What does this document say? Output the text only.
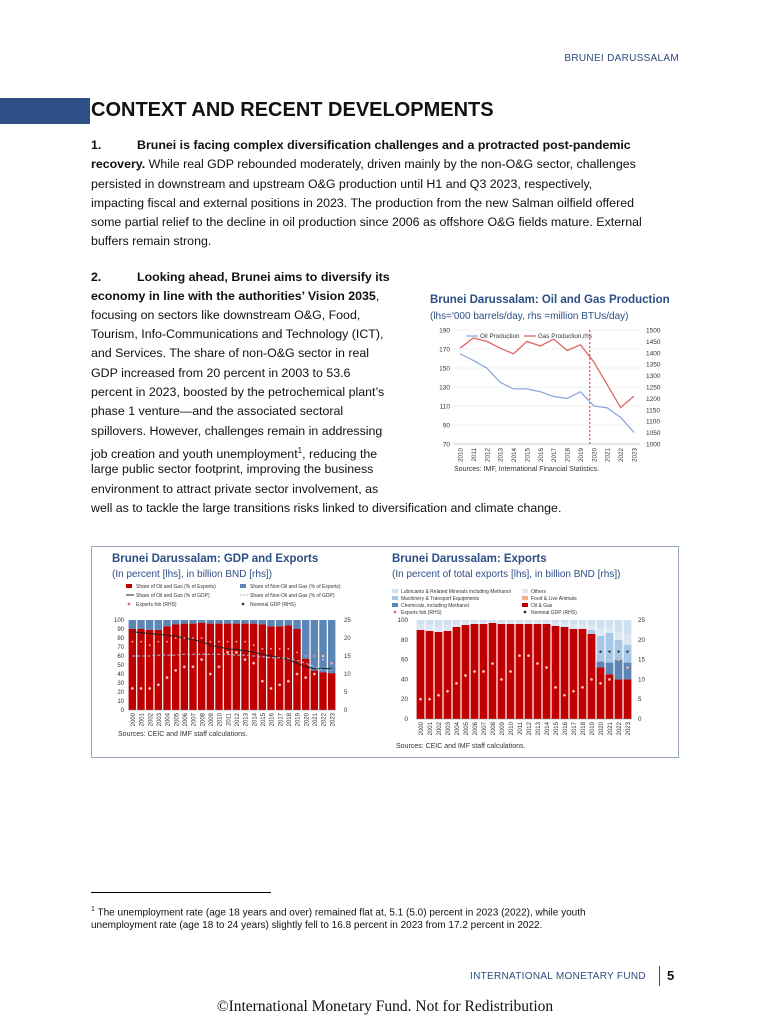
BRUNEI DARUSSALAM
CONTEXT AND RECENT DEVELOPMENTS
1.	Brunei is facing complex diversification challenges and a protracted post-pandemic
recovery. While real GDP rebounded moderately, driven mainly by the non-O&G sector, challenges
persisted in downstream and upstream O&G production until H1 and Q3 2023, respectively,
impacting fiscal and external positions in 2023. The production from the new Salman oilfield offered
some partial relief to the decline in oil production since 2006 as offshore O&G fields mature. External
buffers remain strong.
2.	Looking ahead, Brunei aims to diversify its
economy in line with the authorities’ Vision 2035,
focusing on sectors like downstream O&G, Food,
Tourism, Info-Communications and Technology (ICT),
and Services. The share of non-O&G sector in real
GDP increased from 20 percent in 2003 to 53.6
percent in 2023, boosted by the petrochemical plant’s
phase 1 venture—and the associated sectoral
spillovers. However, challenges remain in addressing
job creation and youth unemployment$^1$, reducing the
large public sector footprint, improving the business
environment to attract private sector involvement, as
well as to tackle the large transitions risks linked to diversification and climate change.
Brunei Darussalam: Oil and Gas Production
(lhs='000 barrels/day, rhs =million BTUs/day)
190
170
150
130
110
90
70
1500
1450
1400
1350
1300
1250
1200
1150
1100
1050
1000
2010 2011 2012 2013 2014 2015 2016 2017 2018 2019 2020 2021 2022 2023
Oil Production	Gas Production,rhs
Sources: IMF, International Financial Statistics.
Brunei Darussalam: GDP and Exports
(In percent [lhs], in billion BND [rhs])
Brunei Darussalam: Exports
(In percent of total exports [lhs], in billion BND [rhs])
100
90
80
70
60
50
40
30
20
10
0
25
20
15
10
5
0
2000 2001 2002 2003 2004 2005 2006 2007 2008 2009 2010 2011 2012 2013 2014 2015 2016 2017 2018 2019 2020 2021 2022 2023
Share of Oil and Gas (% of Exports)	Share of Non-Oil and Gas (% of Exports)
Share of Oil and Gas (% of GDP)	Share of Non-Oil and Gas (% of GDP)
Exports fob (RHS)	Nominal GDP (RHS)
100
80
60
40
20
0
25
20
15
10
5
0
2000 2001 2002 2003 2004 2005 2006 2007 2008 2009 2010 2011 2012 2013 2014 2015 2016 2017 2018 2019 2020 2021 2022 2023
Lubricants & Related Minerals including Methanol	Others
Machinery & Transport Equipments	Food & Live Animals
Chemicals, including Methanol	Oil & Gas
Exports fob (RHS)	Nominal GDP (RHS)
Sources: CEIC and IMF staff calculations.
Sources: CEIC and IMF staff calculations.
$^1$ The unemployment rate (age 18 years and over) remained flat at, 5.1 (5.0) percent in 2023 (2022), while youth
unemployment rate (age 18 to 24 years) slightly fell to 16.8 percent in 2023 from 17.2 percent in 2022.
INTERNATIONAL MONETARY FUND 5
©International Monetary Fund. Not for Redistribution
